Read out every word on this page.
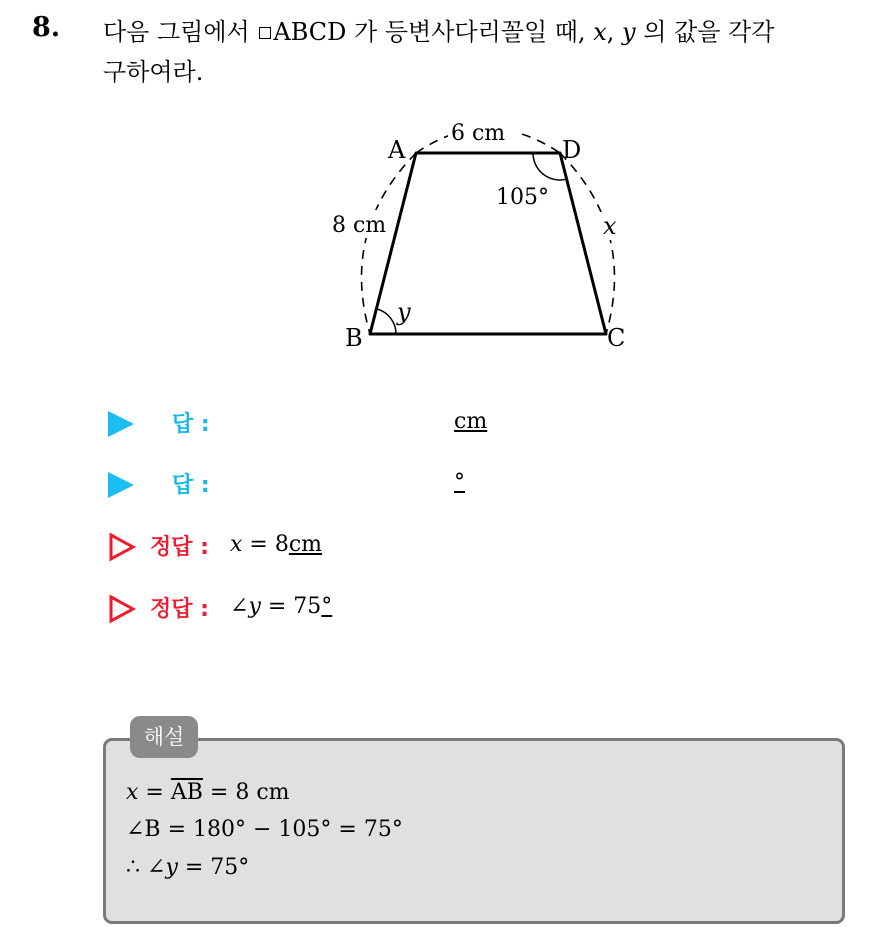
8. 다음 그림에서 ABCD 가 등변사다리꼴일 때, x, y 의 값을 각각
구하여라.
A	D
B	C
6 cm
8 cm
105°
x
y
답 :	cm
답 :	°
정답 : x = 8cm
정답 : ∠y = 75°
해설
$x = \overline{AB} = 8$ cm
∠B = 180° − 105° = 75°
∴ ∠y = 75°
